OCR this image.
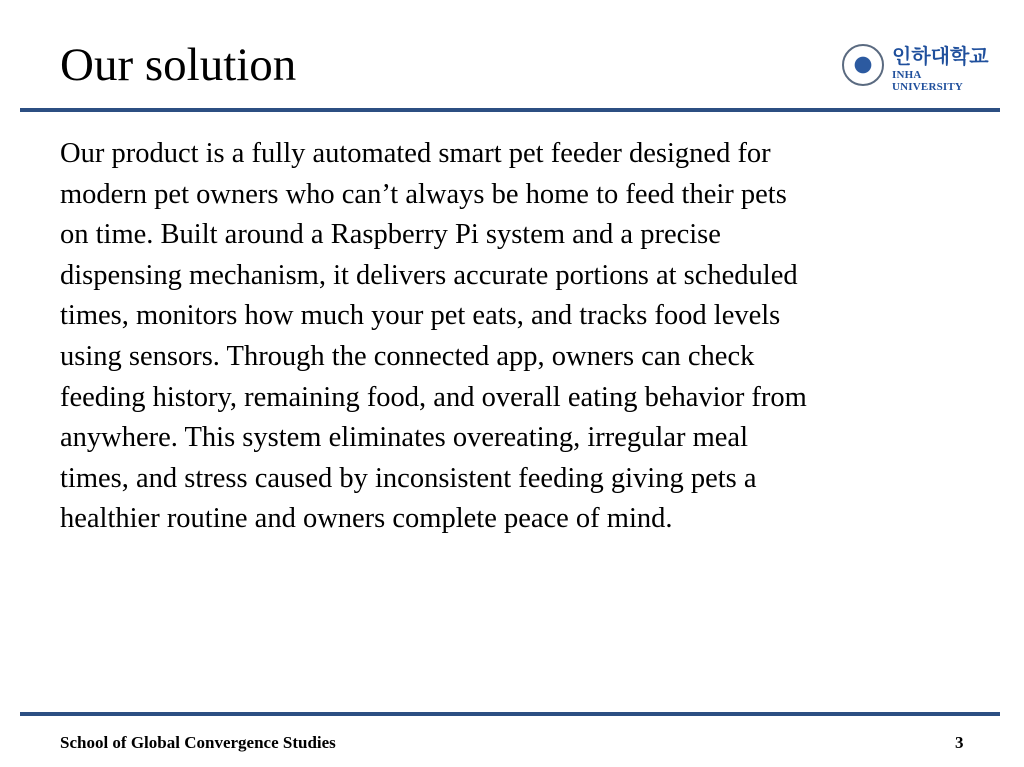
Our solution	인하대학교
INHA UNIVERSITY
Our product is a fully automated smart pet feeder designed for
modern pet owners who can’t always be home to feed their pets
on time. Built around a Raspberry Pi system and a precise
dispensing mechanism, it delivers accurate portions at scheduled
times, monitors how much your pet eats, and tracks food levels
using sensors. Through the connected app, owners can check
feeding history, remaining food, and overall eating behavior from
anywhere. This system eliminates overeating, irregular meal
times, and stress caused by inconsistent feeding giving pets a
healthier routine and owners complete peace of mind.
School of Global Convergence Studies	3
